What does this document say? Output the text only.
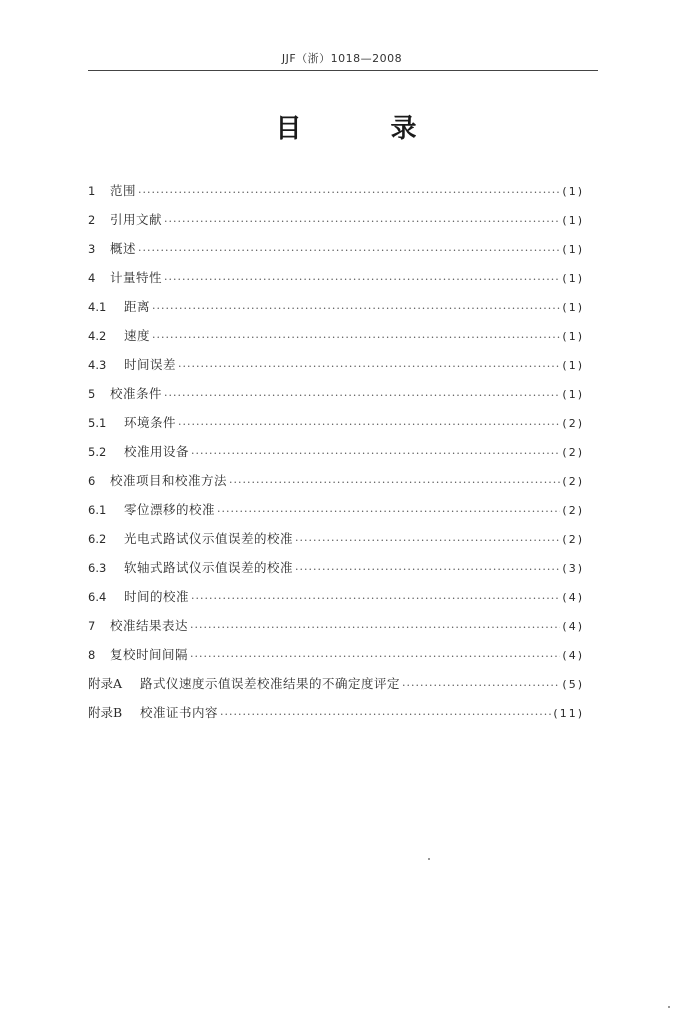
JJF（浙）1018—2008
目 录
1	范围 ·····	(1)
2	引用文献 ·····	(1)
3	概述 ·····	(1)
4	计量特性 ·····	(1)
4.1	距离 ·····	(1)
4.2	速度 ·····	(1)
4.3	时间误差 ·····	(1)
5	校准条件 ·····	(1)
5.1	环境条件 ·····	(2)
5.2	校准用设备 ·····	(2)
6	校准项目和校准方法 ·····	(2)
6.1	零位漂移的校准 ·····	(2)
6.2	光电式路试仪示值误差的校准 ·····	(2)
6.3	软轴式路试仪示值误差的校准 ·····	(3)
6.4	时间的校准 ·····	(4)
7	校准结果表达 ·····	(4)
8	复校时间间隔 ·····	(4)
附录A	路式仪速度示值误差校准结果的不确定度评定 ·····	(5)
附录B	校准证书内容 ·····	(11)
